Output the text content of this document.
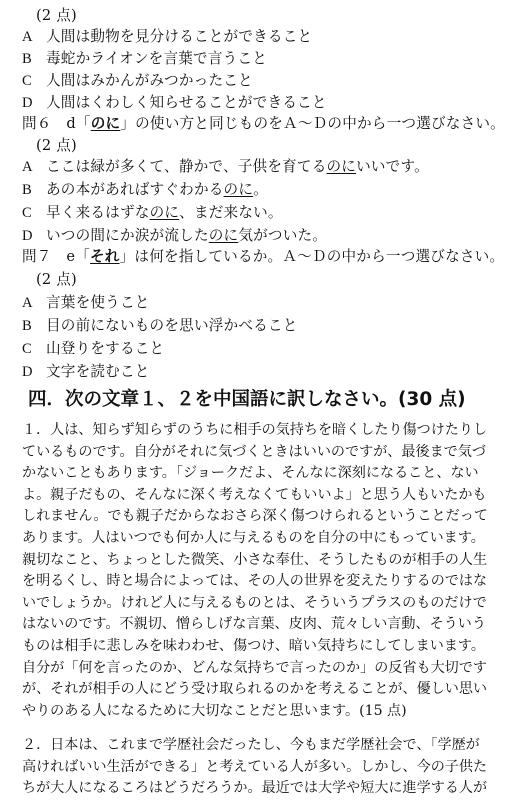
(2 点)
A 人間は動物を見分けることができること
B 毒蛇かライオンを言葉で言うこと
C 人間はみかんがみつかったこと
D 人間はくわしく知らせることができること
問６　d「のに」の使い方と同じものをＡ～Ｄの中から一つ選びなさい。
(2 点)
A ここは緑が多くて、静かで、子供を育てるのにいいです。
B あの本があればすぐわかるのに。
C 早く来るはずなのに、まだ来ない。
D いつの間にか涙が流したのに気がついた。
問７　e「それ」は何を指しているか。Ａ～Ｄの中から一つ選びなさい。
(2 点)
A 言葉を使うこと
B 目の前にないものを思い浮かべること
C 山登りをすること
D 文字を読むこと
四．次の文章１、２を中国語に訳しなさい。(30 点)
１．人は、知らず知らずのうちに相手の気持ちを暗くしたり傷つけたりし
ているものです。自分がそれに気づくときはいいのですが、最後まで気づ
かないこともあります。「ジョークだよ、そんなに深刻になること、ない
よ。親子だもの、そんなに深く考えなくてもいいよ」と思う人もいたかも
しれません。でも親子だからなおさら深く傷つけられるということだって
あります。人はいつでも何か人に与えるものを自分の中にもっています。
親切なこと、ちょっとした微笑、小さな奉仕、そうしたものが相手の人生
を明るくし、時と場合によっては、その人の世界を変えたりするのではな
いでしょうか。けれど人に与えるものとは、そういうプラスのものだけで
はないのです。不親切、憎らしげな言葉、皮肉、荒々しい言動、そういう
ものは相手に悲しみを味わわせ、傷つけ、暗い気持ちにしてしまいます。
自分が「何を言ったのか、どんな気持ちで言ったのか」の反省も大切です
が、それが相手の人にどう受け取られるのかを考えることが、優しい思い
やりのある人になるために大切なことだと思います。(15 点)
２．日本は、これまで学歴社会だったし、今もまだ学歴社会で、「学歴が
高ければいい生活ができる」と考えている人が多い。しかし、今の子供た
ちが大人になるころはどうだろうか。最近では大学や短大に進学する人が
